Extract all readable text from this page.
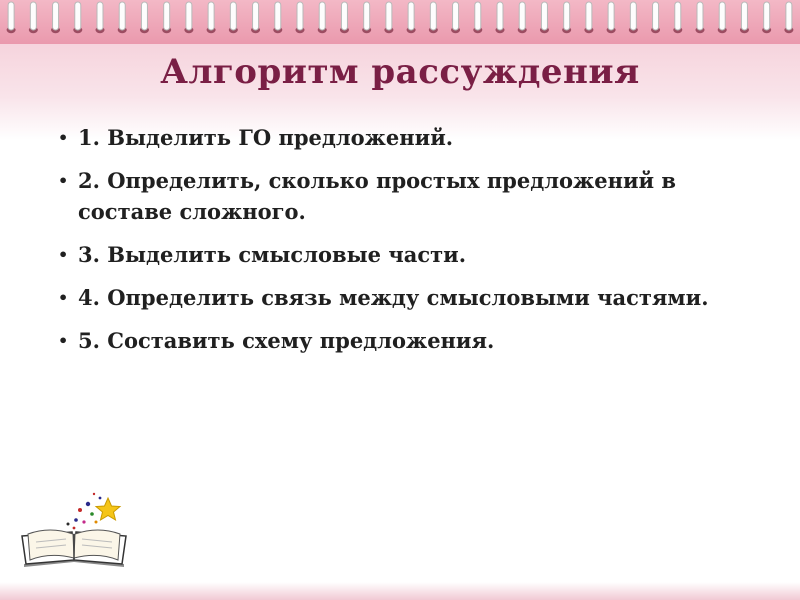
Алгоритм рассуждения
• 1. Выделить ГО предложений.
• 2. Определить, сколько простых предложений в составе сложного.
• 3. Выделить смысловые части.
• 4. Определить связь между смысловыми частями.
• 5. Составить схему предложения.
